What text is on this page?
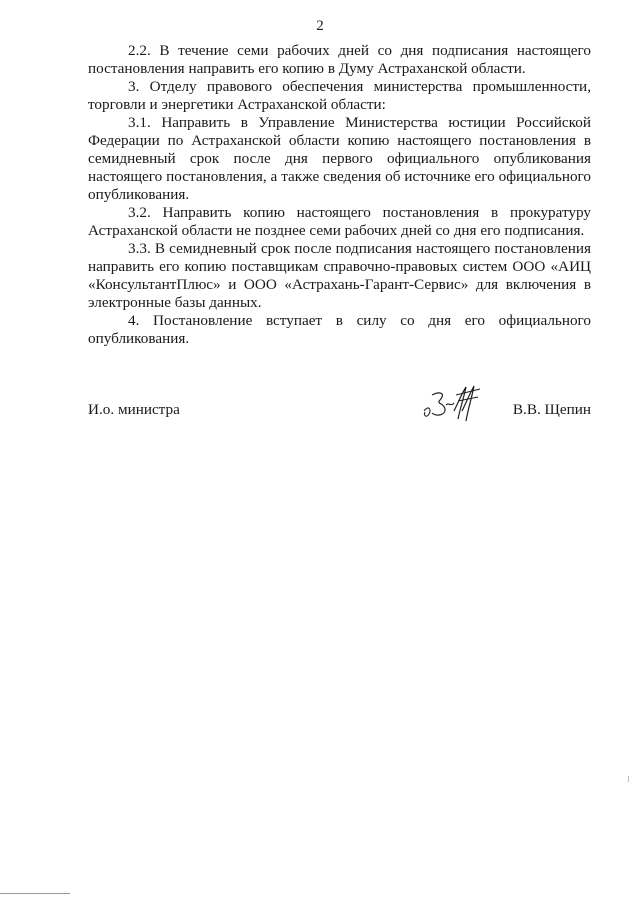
2

2.2. В течение семи рабочих дней со дня подписания настоящего постановления направить его копию в Думу Астраханской области.

3. Отделу правового обеспечения министерства промышленности, торговли и энергетики Астраханской области:

3.1. Направить в Управление Министерства юстиции Российской Федерации по Астраханской области копию настоящего постановления в семидневный срок после дня первого официального опубликования настоящего постановления, а также сведения об источнике его официального опубликования.

3.2. Направить копию настоящего постановления в прокуратуру Астраханской области не позднее семи рабочих дней со дня его подписания.

3.3. В семидневный срок после подписания настоящего постановления направить его копию поставщикам справочно-правовых систем ООО «АИЦ «КонсультантПлюс» и ООО «Астрахань-Гарант-Сервис» для включения в электронные базы данных.

4. Постановление вступает в силу со дня его официального опубликования.

И.о. министра	В.В. Щепин
